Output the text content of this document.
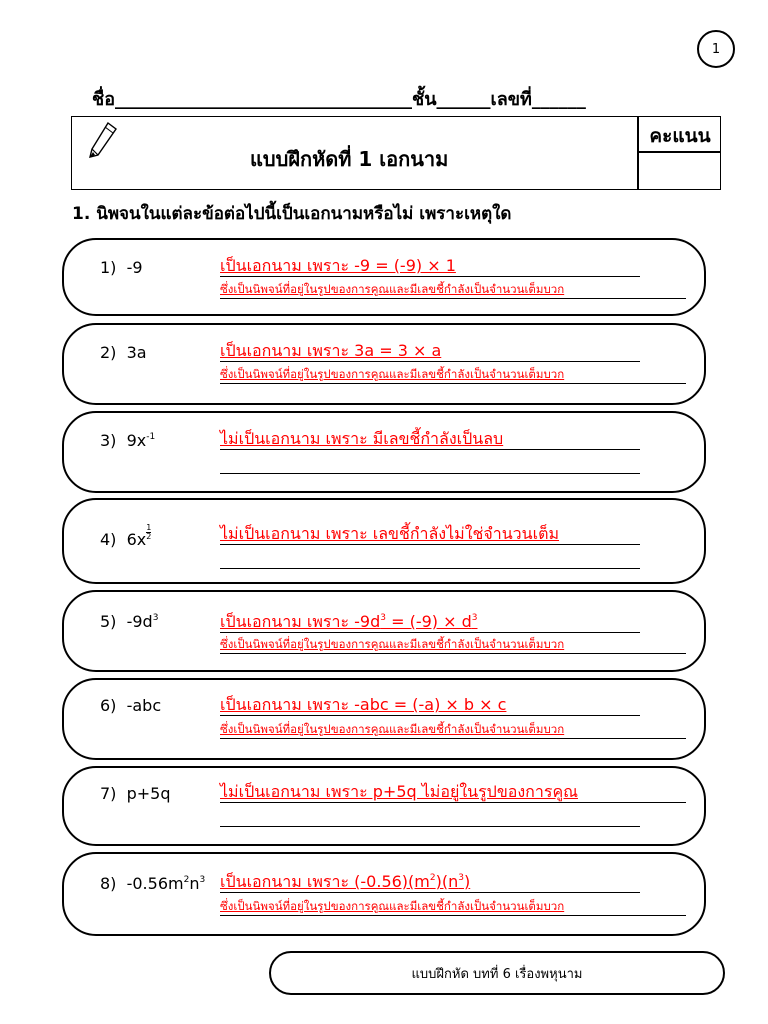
1
ชื่อ_________________________________ชั้น______เลขที่______
แบบฝึกหัดที่ 1 เอกนาม
คะแนน
1. นิพจนในแต่ละข้อต่อไปนี้เป็นเอกนามหรือไม่ เพราะเหตุใด
1) -9	เป็นเอกนาม เพราะ -9 = (-9) × 1
ซึ่งเป็นนิพจน์ที่อยู่ในรูปของการคูณและมีเลขชี้กำลังเป็นจำนวนเต็มบวก
2) 3a	เป็นเอกนาม เพราะ 3a = 3 × a
ซึ่งเป็นนิพจน์ที่อยู่ในรูปของการคูณและมีเลขชี้กำลังเป็นจำนวนเต็มบวก
3) $9x^{-1}$	ไม่เป็นเอกนาม เพราะ มีเลขชี้กำลังเป็นลบ
4) $6x \frac{1}{2}$	ไม่เป็นเอกนาม เพราะ เลขชี้กำลังไม่ใช่จำนวนเต็ม
5) $-9d^3$	เป็นเอกนาม เพราะ $-9d^3 = (-9) \times d^3$
ซึ่งเป็นนิพจน์ที่อยู่ในรูปของการคูณและมีเลขชี้กำลังเป็นจำนวนเต็มบวก
6) -abc	เป็นเอกนาม เพราะ -abc = (-a) × b × c
ซึ่งเป็นนิพจน์ที่อยู่ในรูปของการคูณและมีเลขชี้กำลังเป็นจำนวนเต็มบวก
7) p+5q	ไม่เป็นเอกนาม เพราะ p+5q ไม่อยู่ในรูปของการคูณ
8) $-0.56m^2n^3$ เป็นเอกนาม เพราะ $(-0.56)(m^2)(n^3)$
ซึ่งเป็นนิพจน์ที่อยู่ในรูปของการคูณและมีเลขชี้กำลังเป็นจำนวนเต็มบวก
แบบฝึกหัด บทที่ 6 เรื่องพหุนาม
